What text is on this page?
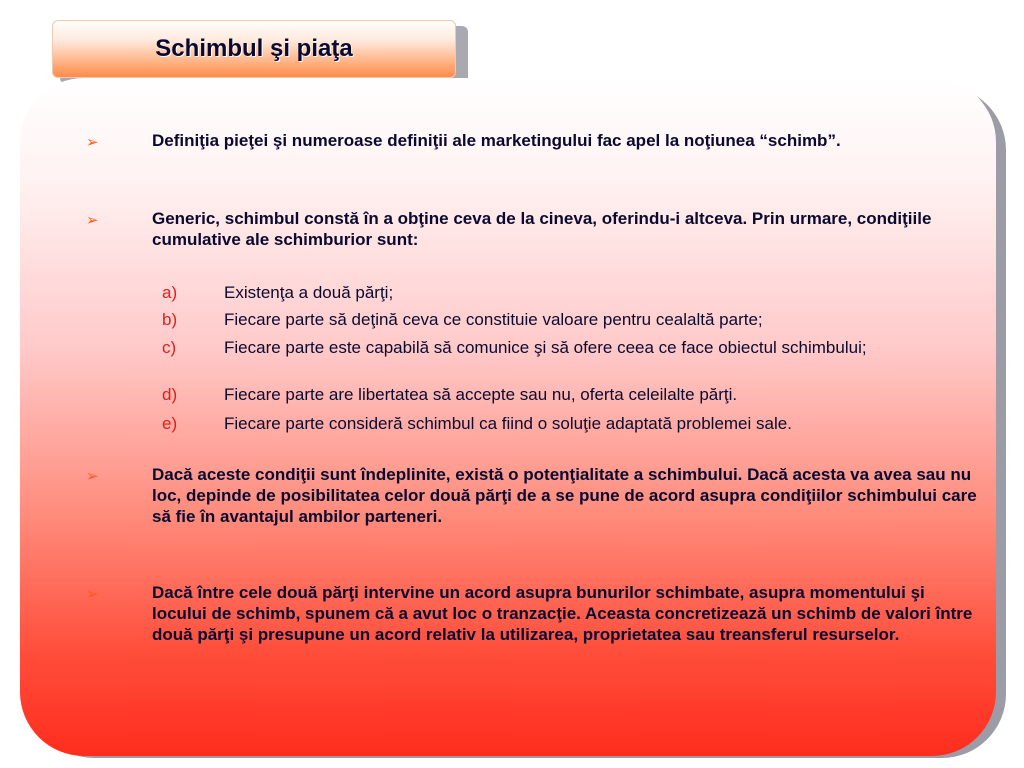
Schimbul şi piaţa
➢	Definiţia pieţei şi numeroase definiţii ale marketingului fac apel la noţiunea “schimb”.
➢	Generic, schimbul constă în a obţine ceva de la cineva, oferindu-i altceva. Prin urmare, condiţiile cumulative ale schimburior sunt:
a)	Existenţa a două părţi;
b)	Fiecare parte să deţină ceva ce constituie valoare pentru cealaltă parte;
c)	Fiecare parte este capabilă să comunice şi să ofere ceea ce face obiectul schimbului;
d)	Fiecare parte are libertatea să accepte sau nu, oferta celeilalte părţi.
e)	Fiecare parte consideră schimbul ca fiind o soluţie adaptată problemei sale.
➢	Dacă aceste condiţii sunt îndeplinite, există o potenţialitate a schimbului. Dacă acesta va avea sau nu loc, depinde de posibilitatea celor două părţi de a se pune de acord asupra condiţiilor schimbului care să fie în avantajul ambilor parteneri.
➢	Dacă între cele două părţi intervine un acord asupra bunurilor schimbate, asupra momentului şi locului de schimb, spunem că a avut loc o tranzacţie. Aceasta concretizează un schimb de valori între două părţi şi presupune un acord relativ la utilizarea, proprietatea sau treansferul resurselor.
